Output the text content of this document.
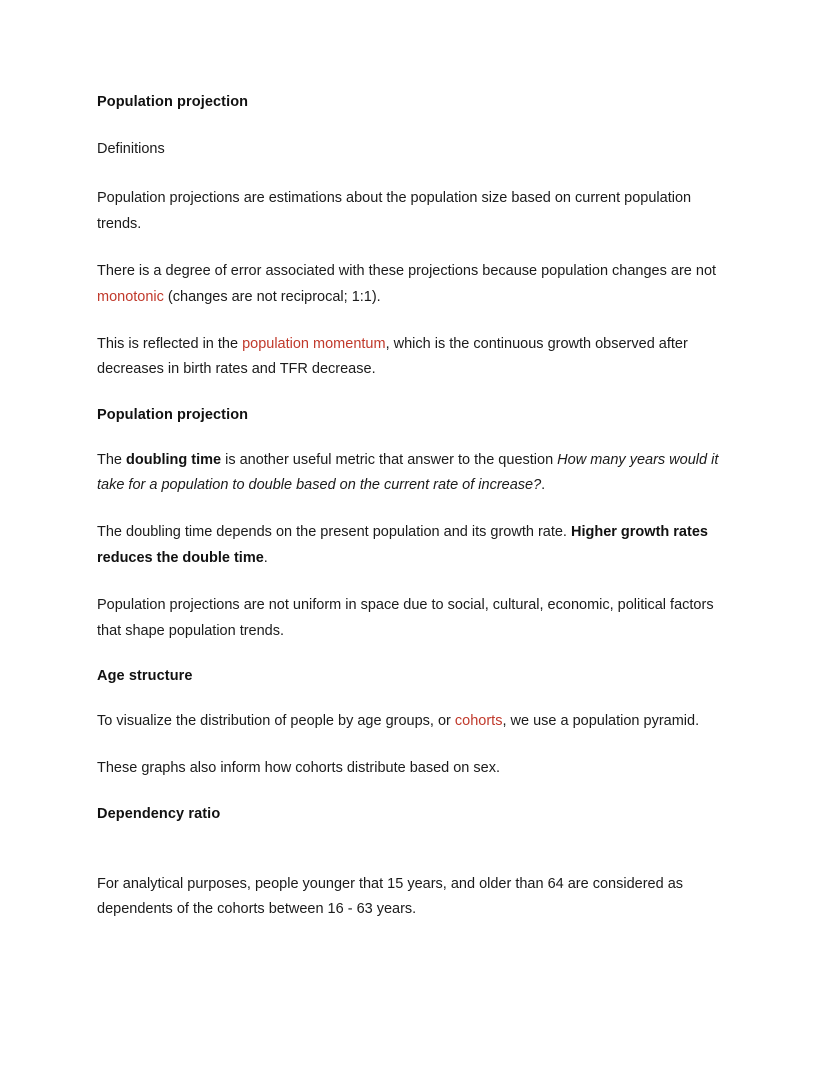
Population projection

Definitions

Population projections are estimations about the population size based on current population trends.

There is a degree of error associated with these projections because population changes are not monotonic (changes are not reciprocal; 1:1).

This is reflected in the population momentum, which is the continuous growth observed after decreases in birth rates and TFR decrease.

Population projection

The doubling time is another useful metric that answer to the question How many years would it take for a population to double based on the current rate of increase?.

The doubling time depends on the present population and its growth rate. Higher growth rates reduces the double time.

Population projections are not uniform in space due to social, cultural, economic, political factors that shape population trends.

Age structure

To visualize the distribution of people by age groups, or cohorts, we use a population pyramid.

These graphs also inform how cohorts distribute based on sex.

Dependency ratio

For analytical purposes, people younger that 15 years, and older than 64 are considered as dependents of the cohorts between 16 - 63 years.
